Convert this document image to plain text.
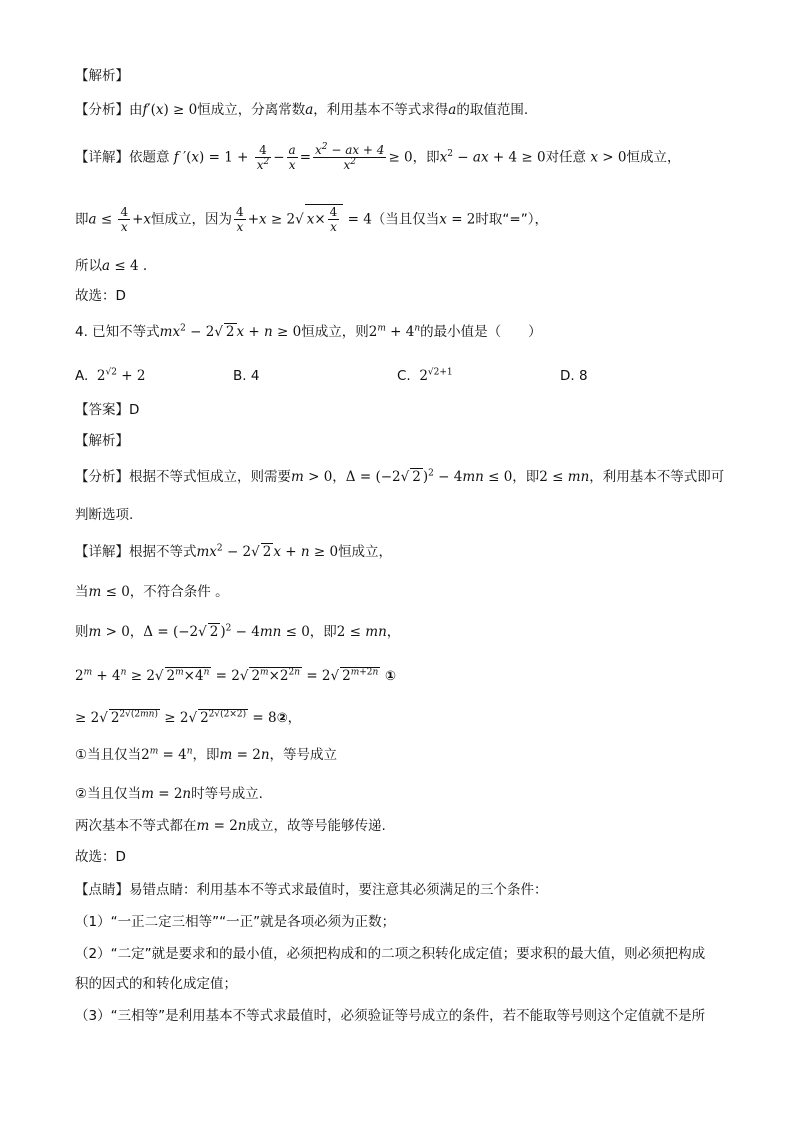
【解析】
【分析】由f′(x) ≥ 0恒成立，分离常数a，利用基本不等式求得a的取值范围.
【详解】依题意 f $'(x) = 1 + \frac{4}{x^2} - \frac{a}{x} = \frac{x^2 - ax + 4}{x^2} \ge 0$，即$x^2$ − ax + 4 ≥ 0对任意 x > 0恒成立，
即$a \le \frac{4}{x} +x$恒成立，因为 $\frac{4}{x} +x \ge 2√$ $x\times \frac{4}{x} = 4$（当且仅当x = 2时取“=”），
所以a ≤ 4 .
故选：D
4. 已知不等式$mx^2 - 2√$ 2 x + n ≥ 0恒成立，则$2^m + 4^n$的最小值是（　　）
A. $2^{√2} + 2$	B. 4	C. $2^{√2+1}$	D. 8
【答案】D
【解析】
【分析】根据不等式恒成立，则需要m > 0，Δ = (−2√ 2 )$^2$ − 4mn ≤ 0，即2 ≤ mn，利用基本不等式即可
判断选项.
【详解】根据不等式$mx^2 - 2√$ 2 x + n ≥ 0恒成立，
当m ≤ 0，不符合条件 。
则m > 0，Δ = (−2√ 2 )$^2$ − 4mn ≤ 0，即2 ≤ mn，
$2^m + 4^n \ge 2√$ $2^m\times 4^n = 2√$ $2^m\times 2^{2n} = 2√$ $2^{m+2n}$ ①
≥ 2√ $2^{2√(2mn)} \ge 2√$ $2^{2√(2\times 2)}$ = 8②，
①当且仅当$2^m = 4^n$，即m = 2n，等号成立
②当且仅当m = 2n时等号成立.
两次基本不等式都在m = 2n成立，故等号能够传递.
故选：D
【点睛】易错点睛：利用基本不等式求最值时，要注意其必须满足的三个条件：
（1）“一正二定三相等”“一正”就是各项必须为正数；
（2）“二定”就是要求和的最小值，必须把构成和的二项之积转化成定值；要求积的最大值，则必须把构成
积的因式的和转化成定值；
（3）“三相等”是利用基本不等式求最值时，必须验证等号成立的条件，若不能取等号则这个定值就不是所
